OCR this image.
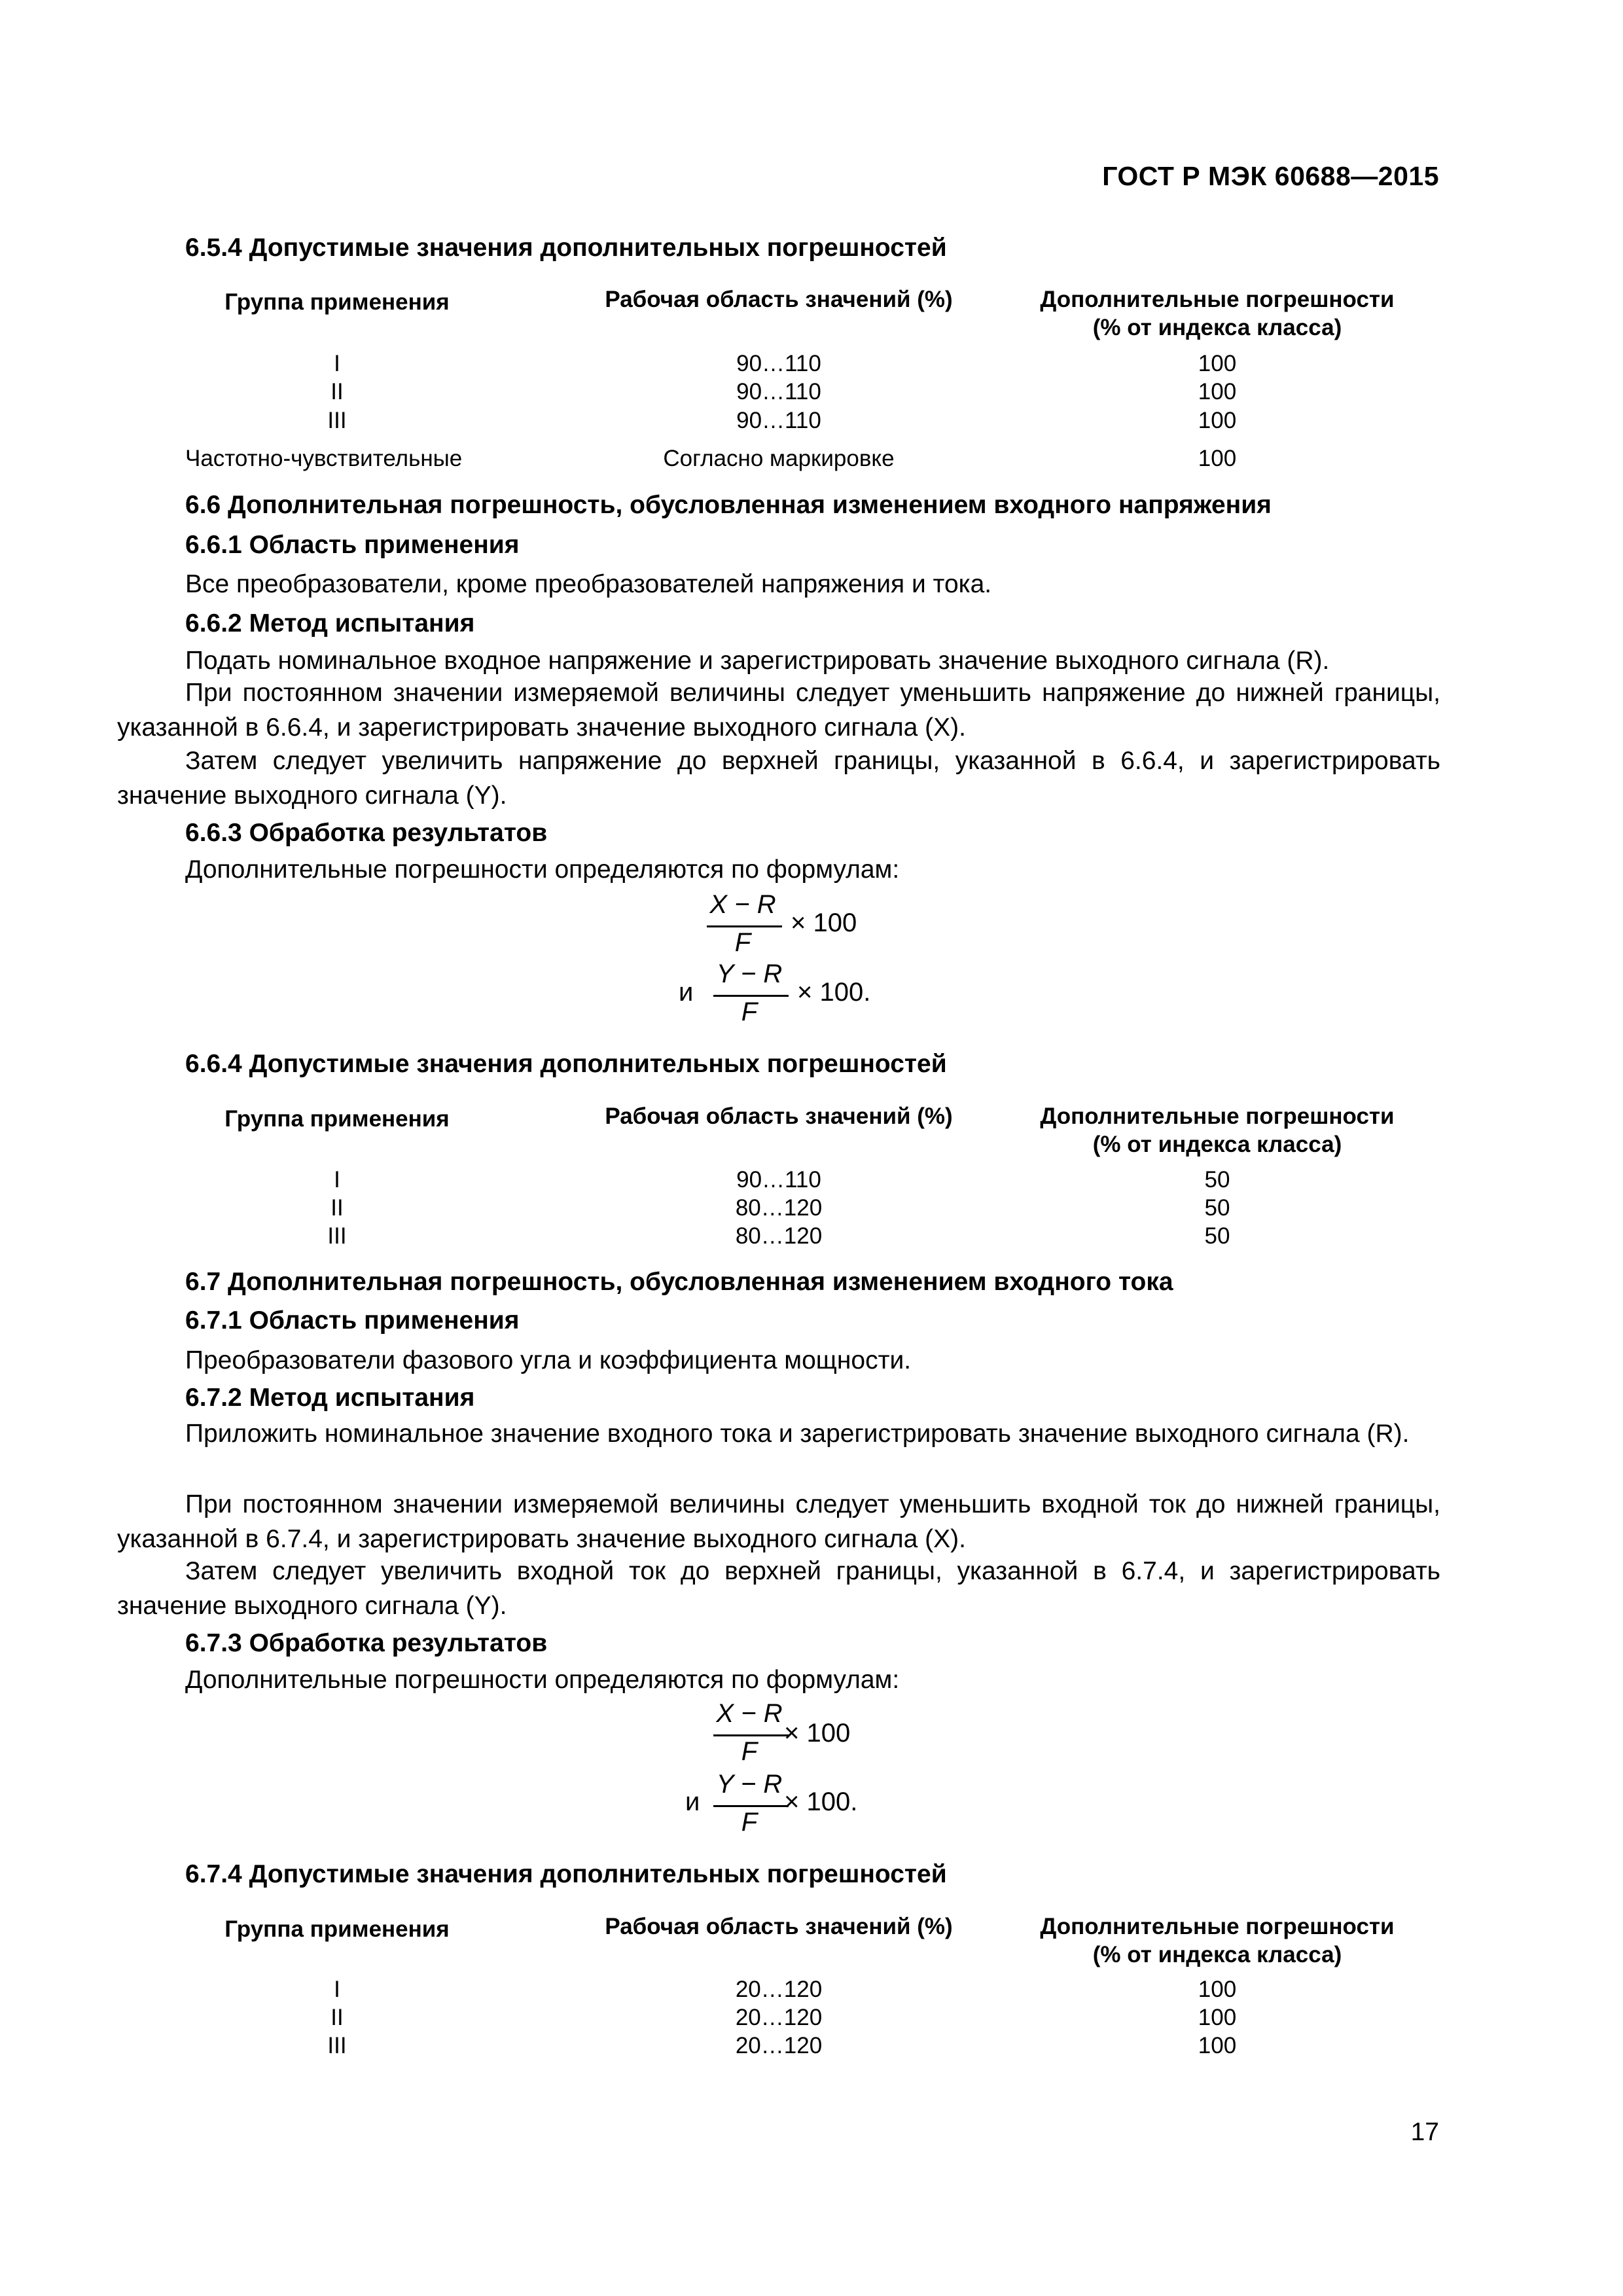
ГОСТ Р МЭК 60688—2015
6.5.4 Допустимые значения дополнительных погрешностей
Группа применения	Рабочая область значений (%)	Дополнительные погрешности
(% от индекса класса)
I	90…110	100
II	90…110	100
III	90…110	100
Частотно-чувствительные	Согласно маркировке	100
6.6 Дополнительная погрешность, обусловленная изменением входного напряжения
6.6.1 Область применения
Все преобразователи, кроме преобразователей напряжения и тока.
6.6.2 Метод испытания
Подать номинальное входное напряжение и зарегистрировать значение выходного сигнала (R).
При постоянном значении измеряемой величины следует уменьшить напряжение до нижней границы, указанной в 6.6.4, и зарегистрировать значение выходного сигнала (X).
Затем следует увеличить напряжение до верхней границы, указанной в 6.6.4, и зарегистрировать значение выходного сигнала (Y).
6.6.3 Обработка результатов
Дополнительные погрешности определяются по формулам:
X − R
F
× 100
и
Y − R
F
× 100.
6.6.4 Допустимые значения дополнительных погрешностей
Группа применения	Рабочая область значений (%)	Дополнительные погрешности
(% от индекса класса)
I	90…110	50
II	80…120	50
III	80…120	50
6.7 Дополнительная погрешность, обусловленная изменением входного тока
6.7.1 Область применения
Преобразователи фазового угла и коэффициента мощности.
6.7.2 Метод испытания
Приложить номинальное значение входного тока и зарегистрировать значение выходного сигнала (R).
При постоянном значении измеряемой величины следует уменьшить входной ток до нижней границы, указанной в 6.7.4, и зарегистрировать значение выходного сигнала (X).
Затем следует увеличить входной ток до верхней границы, указанной в 6.7.4, и зарегистрировать значение выходного сигнала (Y).
6.7.3 Обработка результатов
Дополнительные погрешности определяются по формулам:
X − R
F
× 100
и
Y − R
F
× 100.
6.7.4 Допустимые значения дополнительных погрешностей
Группа применения	Рабочая область значений (%)	Дополнительные погрешности
(% от индекса класса)
I	20…120	100
II	20…120	100
III	20…120	100
17
